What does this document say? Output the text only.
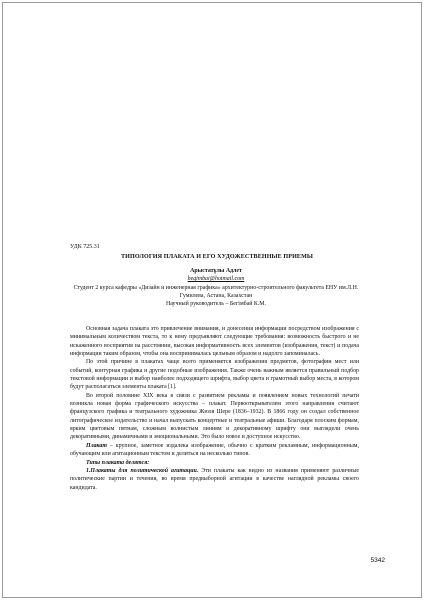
УДК 725.31
ТИПОЛОГИЯ ПЛАКАТА И ЕГО ХУДОЖЕСТВЕННЫЕ ПРИЕМЫ
Арыстатұлы Адлет
begimbai@hotmail.com
Студент 2 курса кафедры «Дизайн и инженерная графика» архитектурно-строительного факультета ЕНУ им.Л.Н. Гумилева, Астана, Казахстан
Научный руководитель – Бегімбай К.М.

Основная задача плаката это привлечение внимания, и донесения информации посредством изображения с минимальным количеством текста, то к нему предъявляют следующие требования: возможность быстрого и не искаженного восприятия на расстоянии, высокая информативность всех элементов (изображения, текст) и подача информации таким образом, чтобы она воспринималась цельным образом и надолго запоминалась.

По этой причине в плакатах чаще всего применяется изображения предметов, фотографии мест или событий, контурная графика и другие подобные изображения. Также очень важным является правильный подбор текстовой информации и выбор наиболее подходящего шрифта, выбор цвета и грамотный выбор места, в котором будут располагаться элементы плаката [1].

Во второй половине XIX века в связи с развитием рекламы и появлением новых технологий печати возникла новая форма графического искусства – плакат. Первооткрывателем этого направления считают французского графика и театрального художника Жюля Шере (1836–1932). В 1866 году он создал собственное литографическое издательство и начал выпускать концертные и театральные афиши. Благодаря плоским формам, ярким цветовым пятнам, сложным волнистым линиям и декоративному шрифту они выглядели очень декоративными, динамичными и эмоциональными. Это было новое и доступное искусство.

Плакат – крупное, заметное издалека изображение, обычно с кратким рекламным, информационным, обучающим или агитационным текстом и делиться на несколько типов.

Типы плаката делятся:

1.Плакаты для политической агитации. Эти плакаты как видно из названия применяют различные политические партии и течения, во время предвыборной агитации в качестве наглядной рекламы своего кандидата.

5342
